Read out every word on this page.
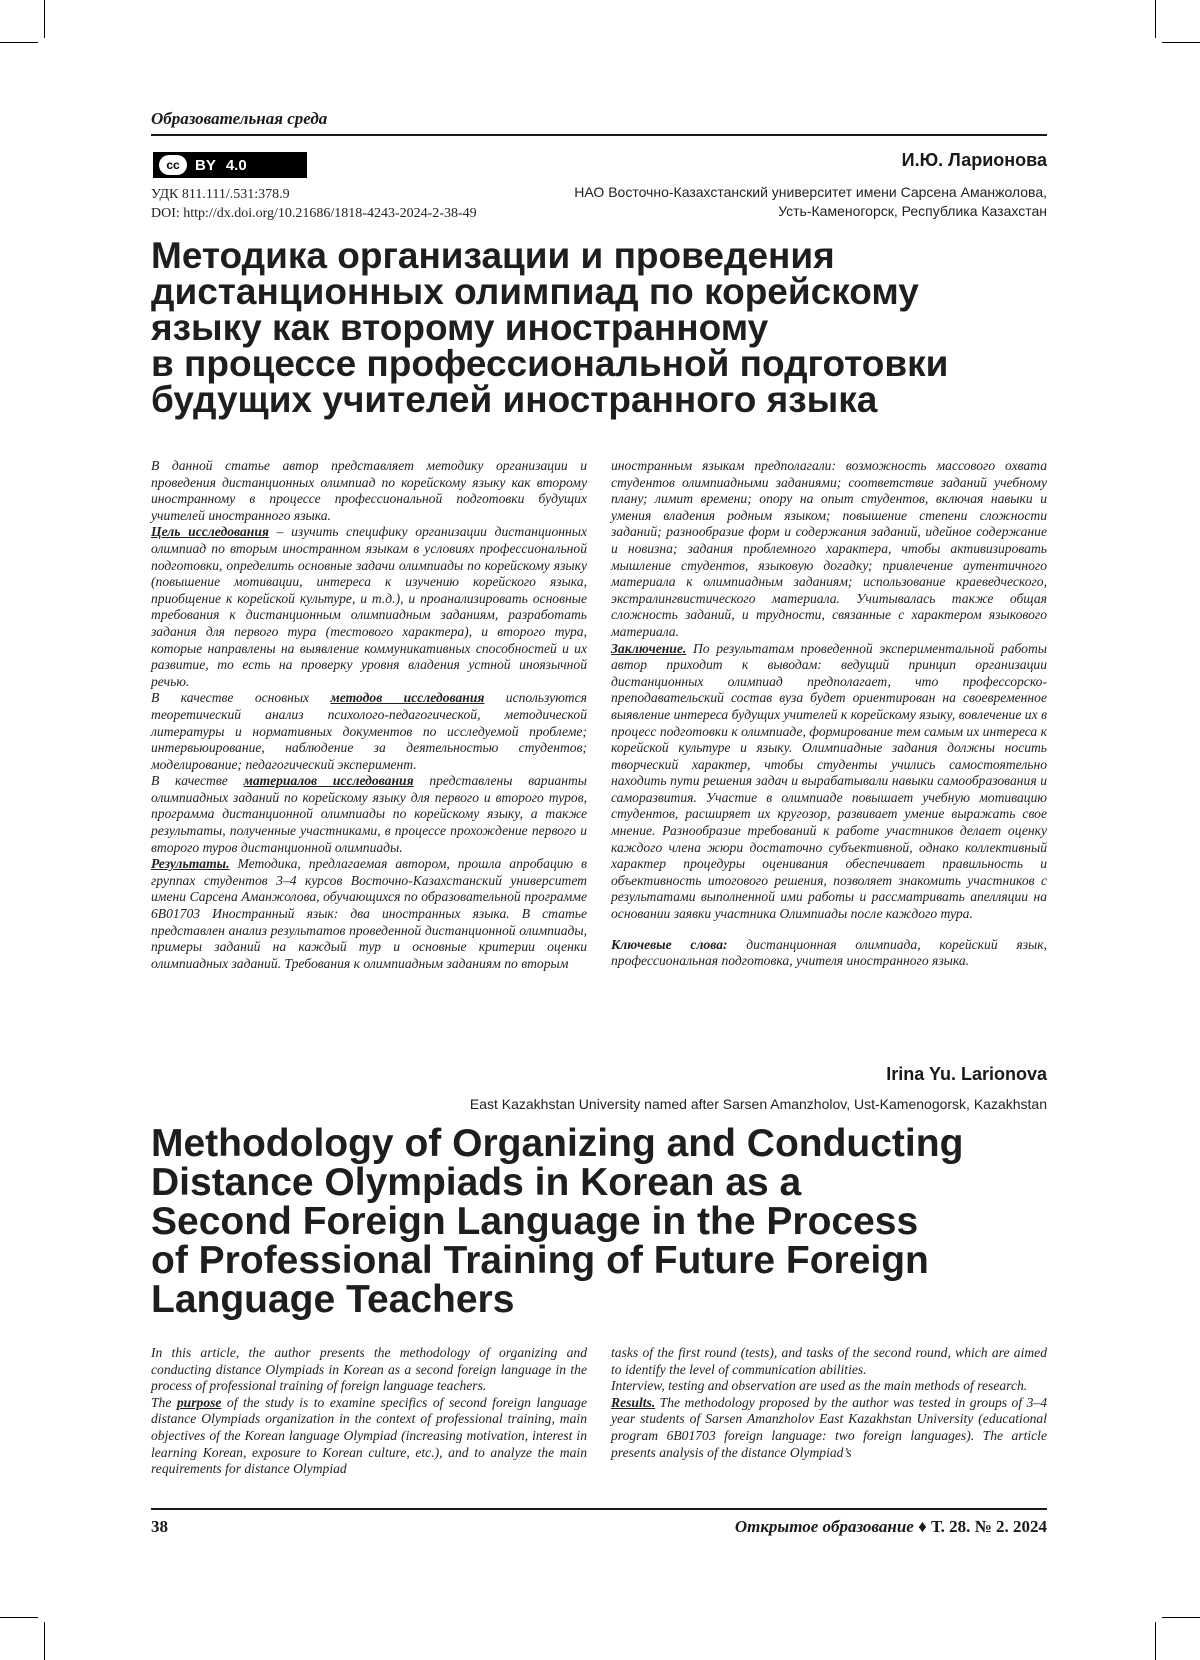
Образовательная среда
cc	BY 4.0
УДК 811.111/.531:378.9
DOI: http://dx.doi.org/10.21686/1818-4243-2024-2-38-49
И.Ю. Ларионова
НАО Восточно-Казахстанский университет имени Сарсена Аманжолова,
Усть-Каменогорск, Республика Казахстан
Методика организации и проведения
дистанционных олимпиад по корейскому
языку как второму иностранному
в процессе профессиональной подготовки
будущих учителей иностранного языка

В данной статье автор представляет методику организации и проведения дистанционных олимпиад по корейскому языку как второму иностранному в процессе профессиональной подготовки будущих учителей иностранного языка.

Цель исследования – изучить специфику организации дистанционных олимпиад по вторым иностранном языкам в условиях профессиональной подготовки, определить основные задачи олимпиады по корейскому языку (повышение мотивации, интереса к изучению корейского языка, приобщение к корейской культуре, и т.д.), и проанализировать основные требования к дистанционным олимпиадным заданиям, разработать задания для первого тура (тестового характера), и второго тура, которые направлены на выявление коммуникативных способностей и их развитие, то есть на проверку уровня владения устной иноязычной речью.

В качестве основных методов исследования используются теоретический анализ психолого-педагогической, методической литературы и нормативных документов по исследуемой проблеме; интервьюирование, наблюдение за деятельностью студентов; моделирование; педагогический эксперимент.

В качестве материалов исследования представлены варианты олимпиадных заданий по корейскому языку для первого и второго туров, программа дистанционной олимпиады по корейскому языку, а также результаты, полученные участниками, в процессе прохождение первого и второго туров дистанционной олимпиады.

Результаты. Методика, предлагаемая автором, прошла апробацию в группах студентов 3–4 курсов Восточно-Казахстанский университет имени Сарсена Аманжолова, обучающихся по образовательной программе 6В01703 Иностранный язык: два иностранных языка. В статье представлен анализ результатов проведенной дистанционной олимпиады, примеры заданий на каждый тур и основные критерии оценки олимпиадных заданий. Требования к олимпиадным заданиям по вторым

иностранным языкам предполагали: возможность массового охвата студентов олимпиадными заданиями; соответствие заданий учебному плану; лимит времени; опору на опыт студентов, включая навыки и умения владения родным языком; повышение степени сложности заданий; разнообразие форм и содержания заданий, идейное содержание и новизна; задания проблемного характера, чтобы активизировать мышление студентов, языковую догадку; привлечение аутентичного материала к олимпиадным заданиям; использование краеведческого, экстралингвистического материала. Учитывалась также общая сложность заданий, и трудности, связанные с характером языкового материала.

Заключение. По результатам проведенной экспериментальной работы автор приходит к выводам: ведущий принцип организации дистанционных олимпиад предполагает, что профессорско-преподавательский состав вуза будет ориентирован на своевременное выявление интереса будущих учителей к корейскому языку, вовлечение их в процесс подготовки к олимпиаде, формирование тем самым их интереса к корейской культуре и языку. Олимпиадные задания должны носить творческий характер, чтобы студенты учились самостоятельно находить пути решения задач и вырабатывали навыки самообразования и саморазвития. Участие в олимпиаде повышает учебную мотивацию студентов, расширяет их кругозор, развивает умение выражать свое мнение. Разнообразие требований к работе участников делает оценку каждого члена жюри достаточно субъективной, однако коллективный характер процедуры оценивания обеспечивает правильность и объективность итогового решения, позволяет знакомить участников с результатами выполненной ими работы и рассматривать апелляции на основании заявки участника Олимпиады после каждого тура.

Ключевые слова: дистанционная олимпиада, корейский язык, профессиональная подготовка, учителя иностранного языка.

Irina Yu. Larionova
East Kazakhstan University named after Sarsen Amanzholov, Ust-Kamenogorsk, Kazakhstan
Methodology of Organizing and Conducting
Distance Olympiads in Korean as a
Second Foreign Language in the Process
of Professional Training of Future Foreign
Language Teachers

In this article, the author presents the methodology of organizing and conducting distance Olympiads in Korean as a second foreign language in the process of professional training of foreign language teachers.

The purpose of the study is to examine specifics of second foreign language distance Olympiads organization in the context of professional training, main objectives of the Korean language Olympiad (increasing motivation, interest in learning Korean, exposure to Korean culture, etc.), and to analyze the main requirements for distance Olympiad

tasks of the first round (tests), and tasks of the second round, which are aimed to identify the level of communication abilities.

Interview, testing and observation are used as the main methods of research.

Results. The methodology proposed by the author was tested in groups of 3–4 year students of Sarsen Amanzholov East Kazakhstan University (educational program 6B01703 foreign language: two foreign languages). The article presents analysis of the distance Olympiad’s

38	Открытое образование ♦ Т. 28. № 2. 2024
